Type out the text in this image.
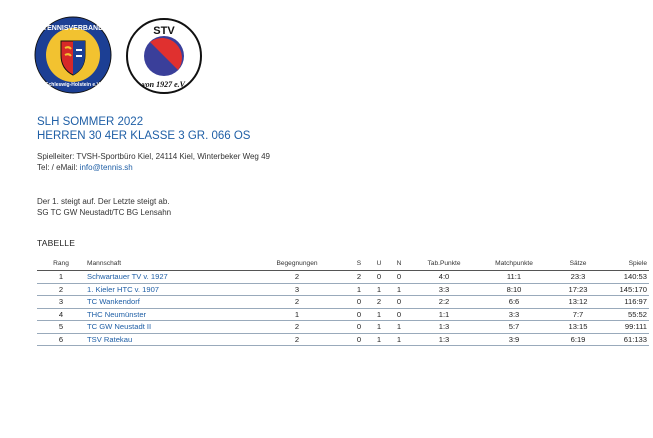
TENNISVERBAND
Schleswig-Holstein e.V.
STV
von 1927 e.V.
SLH SOMMER 2022
HERREN 30 4ER KLASSE 3 GR. 066 OS
Spielleiter: TVSH-Sportbüro Kiel, 24114 Kiel, Winterbeker Weg 49
Tel: / eMail: info@tennis.sh
Der 1. steigt auf. Der Letzte steigt ab.
SG TC GW Neustadt/TC BG Lensahn
TABELLE
Rang	Mannschaft	Begegnungen	S	U	N	Tab.Punkte	Matchpunkte	Sätze	Spiele
1	Schwartauer TV v. 1927	2	2	0	0	4:0	11:1	23:3	140:53
2	1. Kieler HTC v. 1907	3	1	1	1	3:3	8:10	17:23	145:170
3	TC Wankendorf	2	0	2	0	2:2	6:6	13:12	116:97
4	THC Neumünster	1	0	1	0	1:1	3:3	7:7	55:52
5	TC GW Neustadt II	2	0	1	1	1:3	5:7	13:15	99:111
6	TSV Ratekau	2	0	1	1	1:3	3:9	6:19	61:133
